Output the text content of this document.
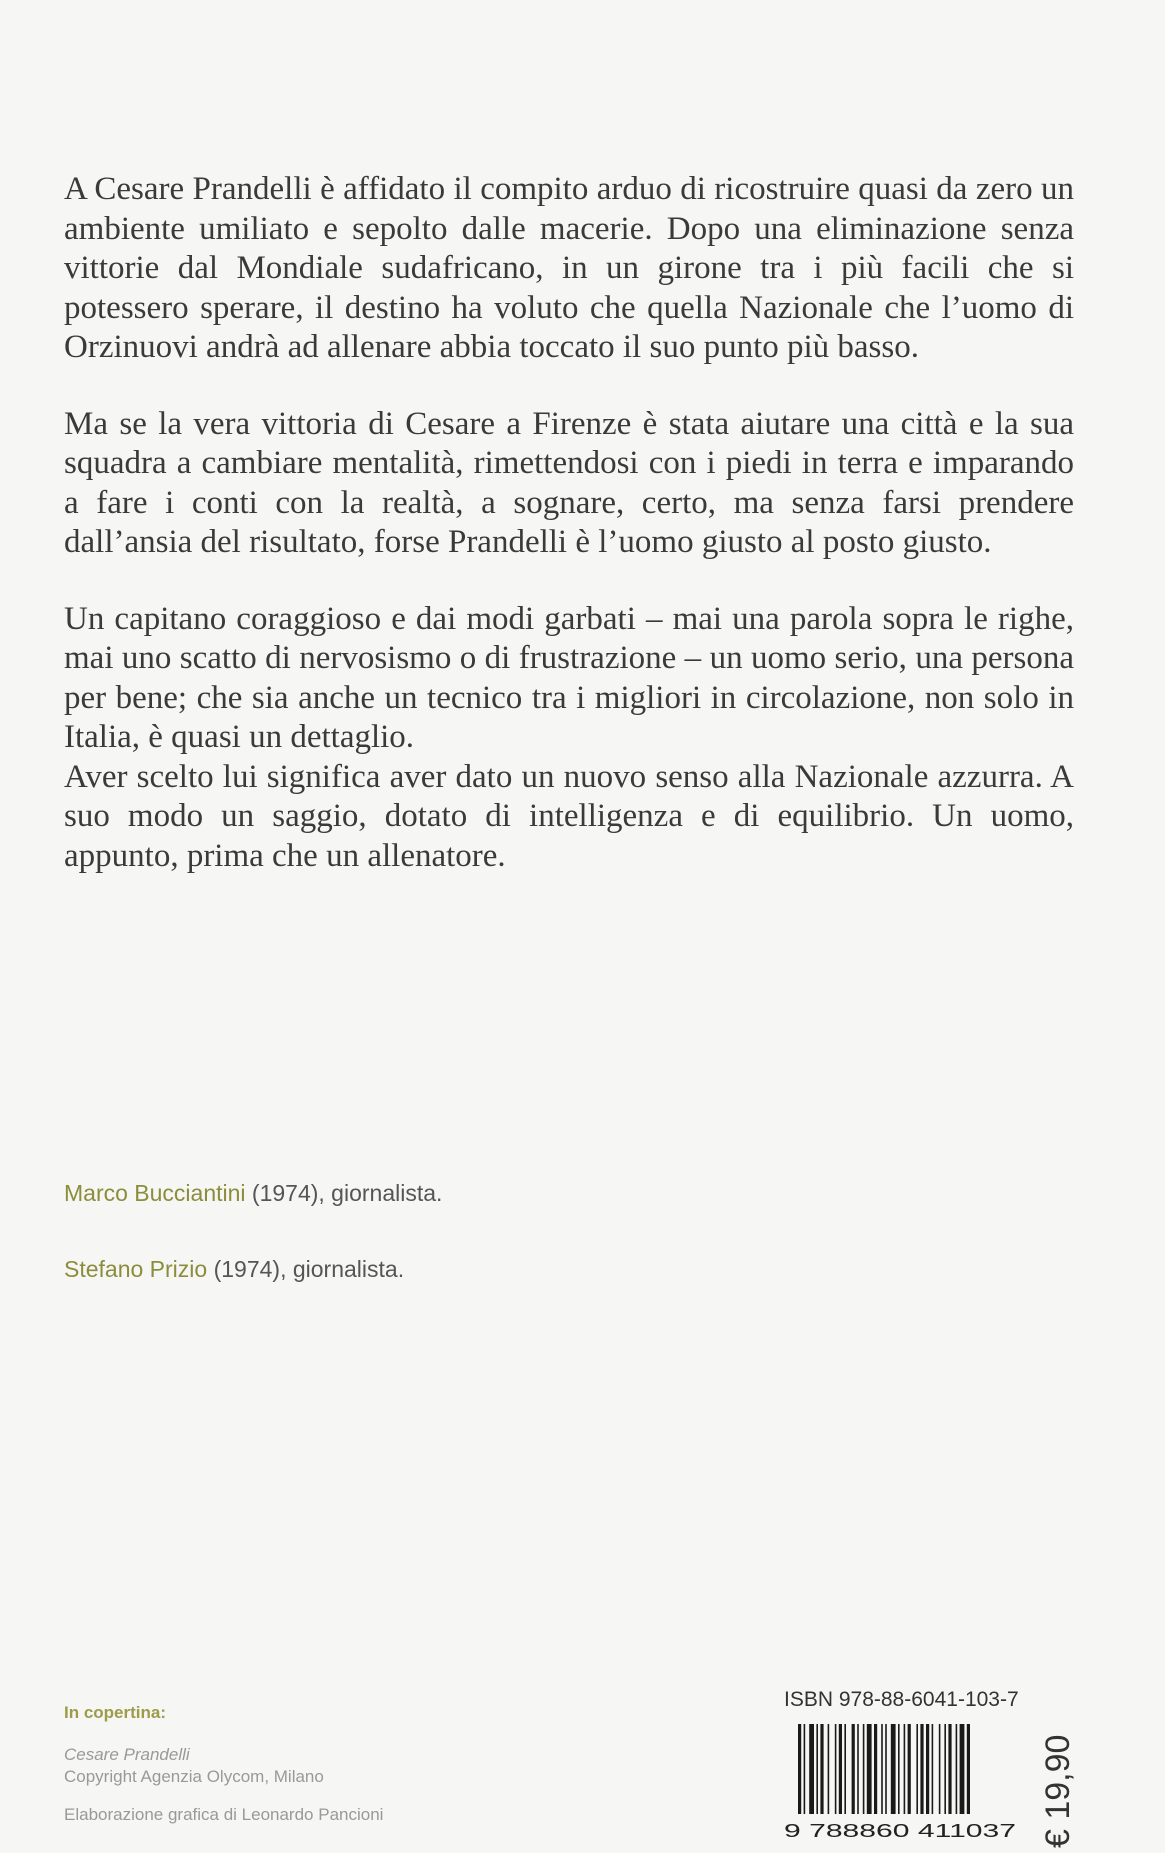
A Cesare Prandelli è affidato il compito arduo di ricostruire quasi da zero un ambiente umiliato e sepolto dalle macerie. Dopo una eliminazione senza vittorie dal Mondiale sudafricano, in un girone tra i più facili che si potessero sperare, il destino ha voluto che quella Nazionale che l’uomo di Orzinuovi andrà ad allenare abbia toccato il suo punto più basso.

Ma se la vera vittoria di Cesare a Firenze è stata aiutare una città e la sua squadra a cambiare mentalità, rimettendosi con i piedi in terra e imparando a fare i conti con la realtà, a sognare, certo, ma senza farsi prendere dall’ansia del risultato, forse Prandelli è l’uomo giusto al posto giusto.

Un capitano coraggioso e dai modi garbati – mai una parola sopra le righe, mai uno scatto di nervosismo o di frustrazione – un uomo serio, una persona per bene; che sia anche un tecnico tra i migliori in circolazione, non solo in Italia, è quasi un dettaglio.

Aver scelto lui significa aver dato un nuovo senso alla Nazionale azzurra. A suo modo un saggio, dotato di intelligenza e di equilibrio. Un uomo, appunto, prima che un allenatore.

Marco Bucciantini (1974), giornalista.
Stefano Prizio (1974), giornalista.
In copertina:
Cesare Prandelli
Copyright Agenzia Olycom, Milano
Elaborazione grafica di Leonardo Pancioni
ISBN 978-88-6041-103-7
9 788860 411037 € 19,90
